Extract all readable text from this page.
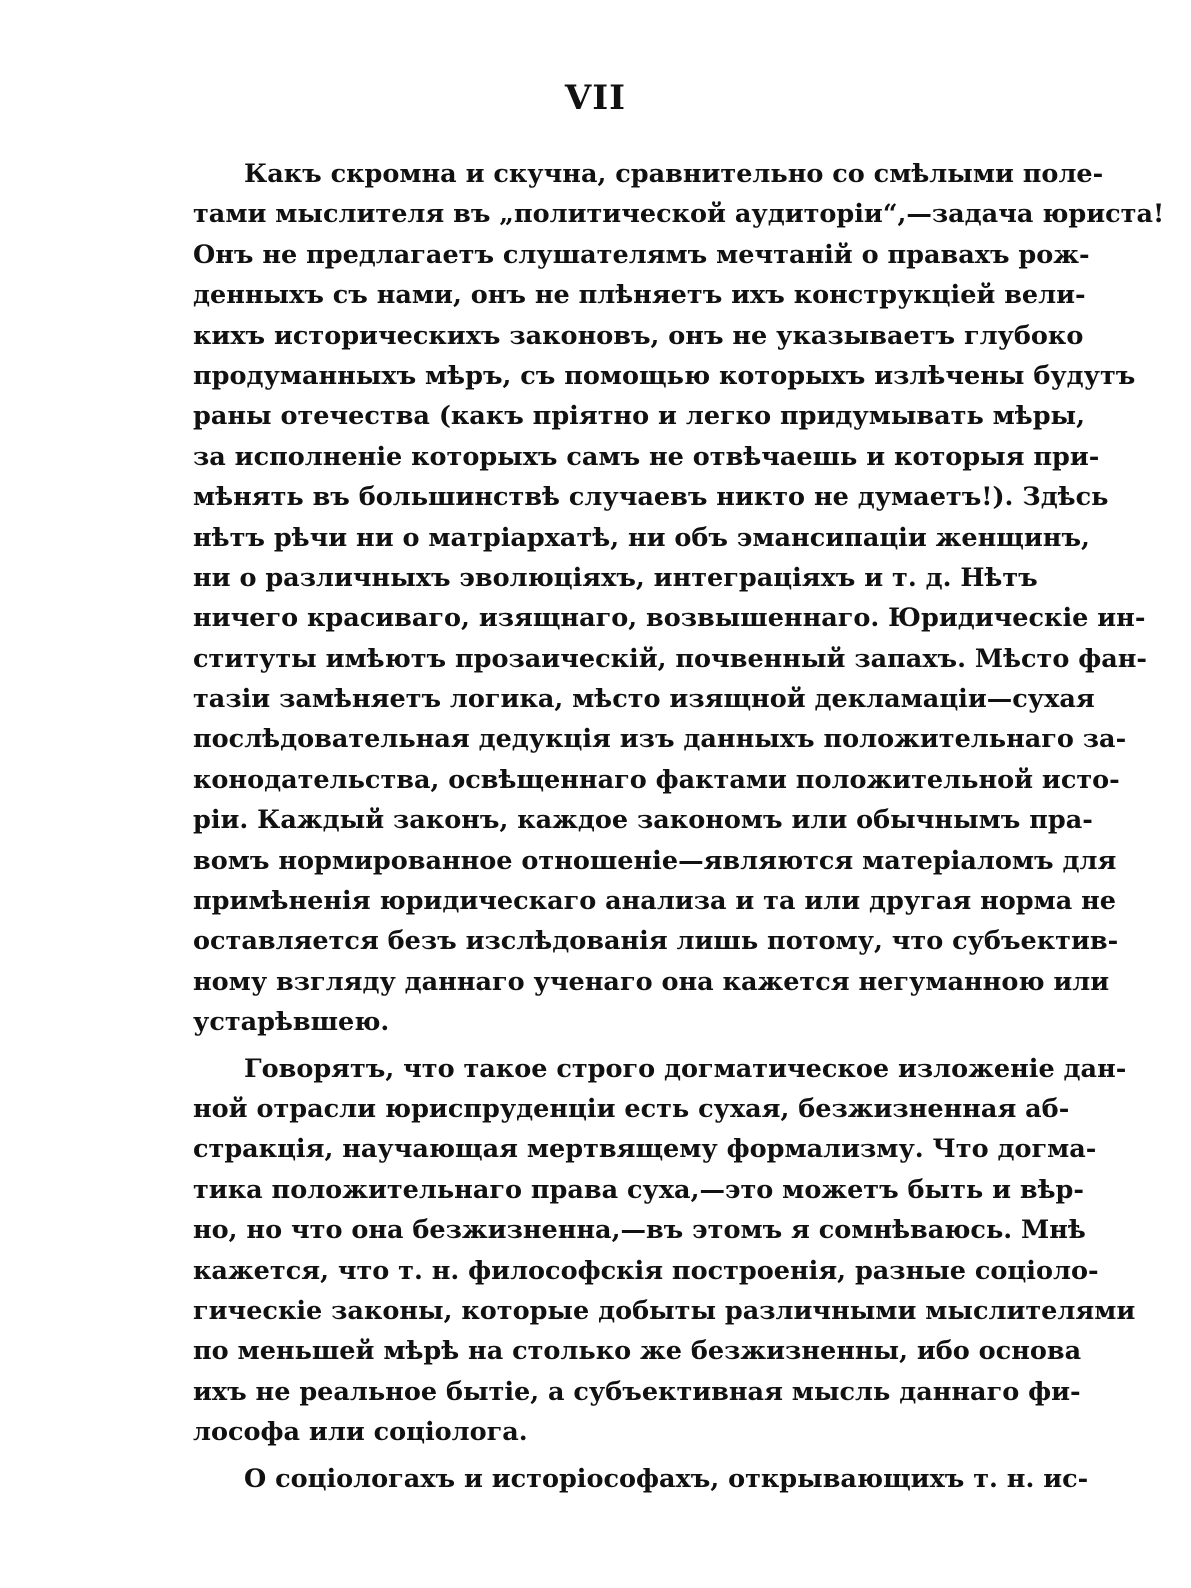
VII
Какъ скромна и скучна, сравнительно со смѣлыми поле-
тами мыслителя въ „политической аудиторіи“,—задача юриста!
Онъ не предлагаетъ слушателямъ мечтаній о правахъ рож-
денныхъ съ нами, онъ не плѣняетъ ихъ конструкціей вели-
кихъ историческихъ законовъ, онъ не указываетъ глубоко
продуманныхъ мѣръ, съ помощью которыхъ излѣчены будутъ
раны отечества (какъ пріятно и легко придумывать мѣры,
за исполненіе которыхъ самъ не отвѣчаешь и которыя при-
мѣнять въ большинствѣ случаевъ никто не думаетъ!). Здѣсь
нѣтъ рѣчи ни о матріархатѣ, ни объ эмансипаціи женщинъ,
ни о различныхъ эволюціяхъ, интеграціяхъ и т. д. Нѣтъ
ничего красиваго, изящнаго, возвышеннаго. Юридическіе ин-
ституты имѣютъ прозаическій, почвенный запахъ. Мѣсто фан-
тазіи замѣняетъ логика, мѣсто изящной декламаціи—сухая
послѣдовательная дедукція изъ данныхъ положительнаго за-
конодательства, освѣщеннаго фактами положительной исто-
ріи. Каждый законъ, каждое закономъ или обычнымъ пра-
вомъ нормированное отношеніе—являются матеріаломъ для
примѣненія юридическаго анализа и та или другая норма не
оставляется безъ изслѣдованія лишь потому, что субъектив-
ному взгляду даннаго ученаго она кажется негуманною или
устарѣвшею.
Говорятъ, что такое строго догматическое изложеніе дан-
ной отрасли юриспруденціи есть сухая, безжизненная аб-
стракція, научающая мертвящему формализму. Что догма-
тика положительнаго права суха,—это можетъ быть и вѣр-
но, но что она безжизненна,—въ этомъ я сомнѣваюсь. Мнѣ
кажется, что т. н. философскія построенія, разные соціоло-
гическіе законы, которые добыты различными мыслителями
по меньшей мѣрѣ на столько же безжизненны, ибо основа
ихъ не реальное бытіе, а субъективная мысль даннаго фи-
лософа или соціолога.
О соціологахъ и исторіософахъ, открывающихъ т. н. ис-
